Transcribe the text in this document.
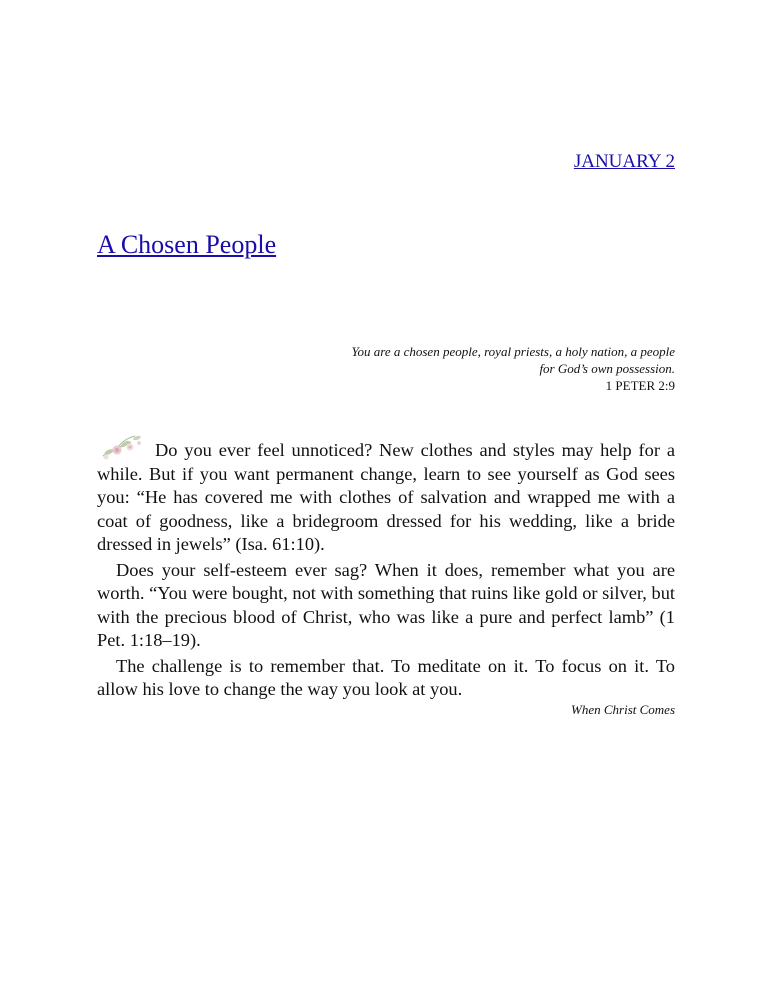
JANUARY 2
A Chosen People
You are a chosen people, royal priests, a holy nation, a people for God’s own possession.
1 PETER 2:9

Do you ever feel unnoticed? New clothes and styles may help for a while. But if you want permanent change, learn to see yourself as God sees you: “He has covered me with clothes of salvation and wrapped me with a coat of goodness, like a bridegroom dressed for his wedding, like a bride dressed in jewels” (Isa. 61:10).

Does your self-esteem ever sag? When it does, remember what you are worth. “You were bought, not with something that ruins like gold or silver, but with the precious blood of Christ, who was like a pure and perfect lamb” (1 Pet. 1:18–19).

The challenge is to remember that. To meditate on it. To focus on it. To allow his love to change the way you look at you.

When Christ Comes
